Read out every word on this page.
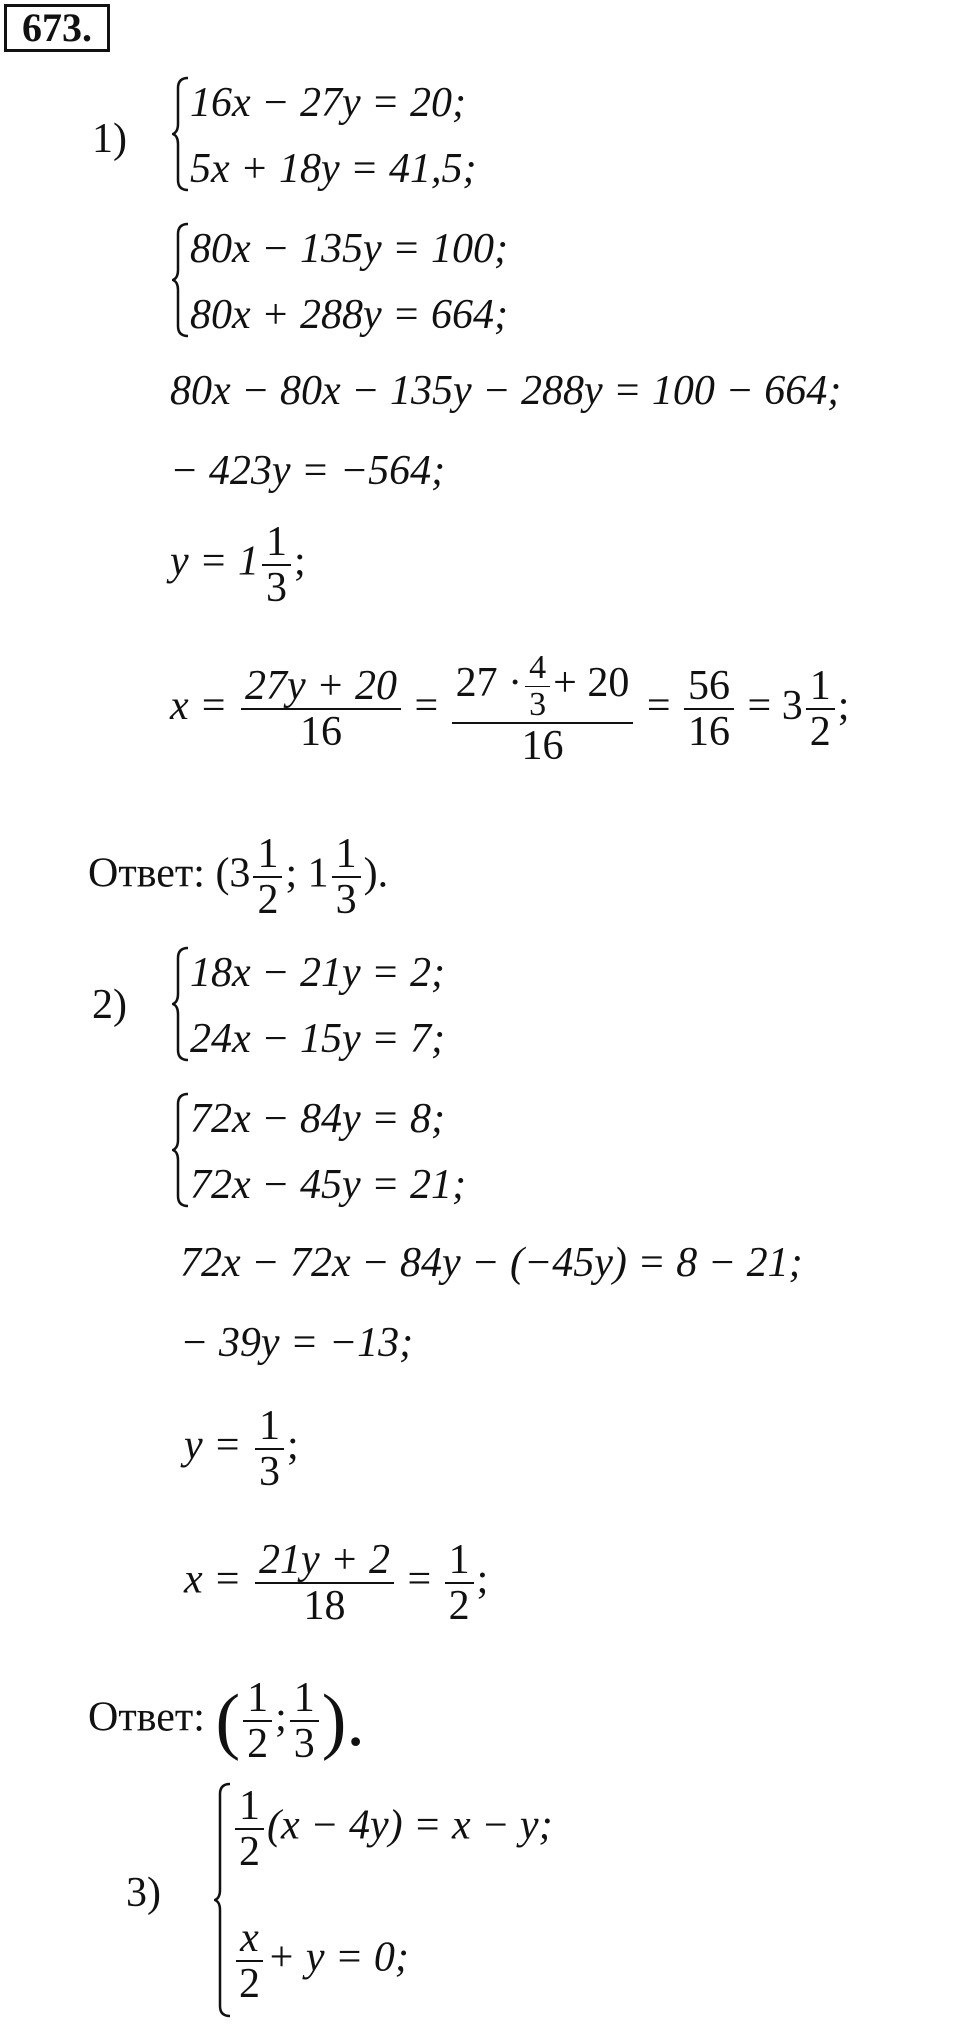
673.
1)
16x − 27y = 20;
5x + 18y = 41,5;
80x − 135y = 100;
80x + 288y = 664;
80x − 80x − 135y − 288y = 100 − 664;
− 423y = −564;
$y = 1 \frac{1}{3}$ ;
$x = \frac{27y + 20}{16} = \frac{27 \cdot \frac{4}{3} + 20}{16} = \frac{56}{16} = 3 \frac{1}{2}$ ;
Ответ: ($3 \frac{1}{2}$ ; $1 \frac{1}{3}$ ).
2)
18x − 21y = 2;
24x − 15y = 7;
72x − 84y = 8;
72x − 45y = 21;
72x − 72x − 84y − (−45y) = 8 − 21;
− 39y = −13;
$y = \frac{1}{3}$ ;
$x = \frac{21y + 2}{18} = \frac{1}{2}$ ;
Ответ: ( $\frac{1}{2}$ ; $\frac{1}{3}$ ).
3)
$\frac{1}{2} (x - 4y) = x - y$;
$\frac{x}{2} + y = 0$;
